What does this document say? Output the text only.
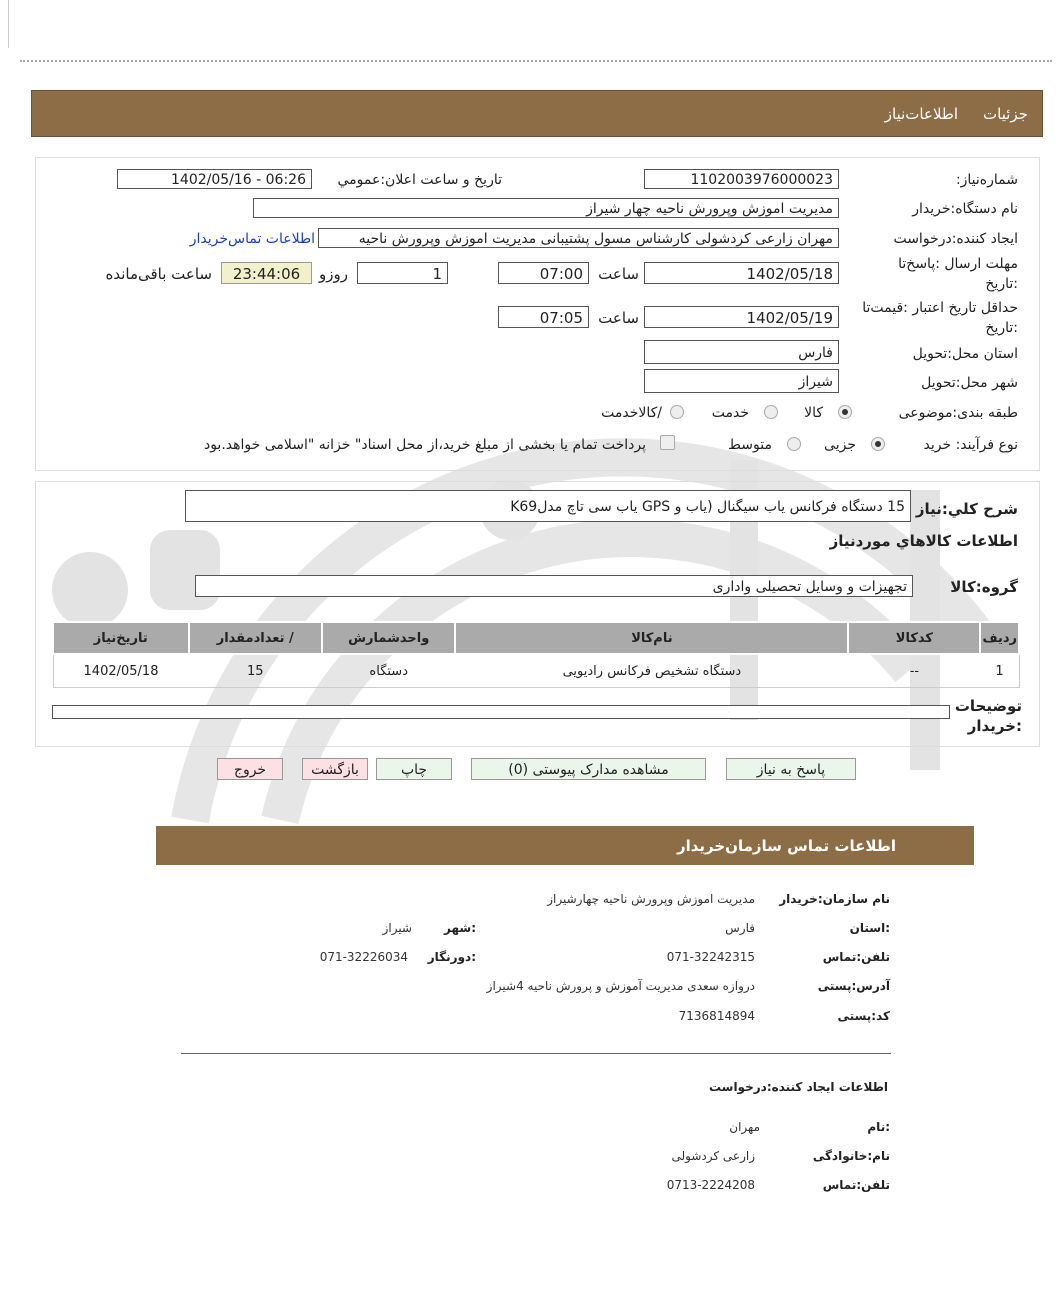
جزئیات
اطلاعات‌نیاز
شماره‌نیاز:
1102003976000023
تاریخ و ساعت اعلان:عمومي
1402/05/16 - 06:26
نام دستگاه:خریدار
مدیریت اموزش وپرورش ناحیه چهار شیراز
ایجاد کننده:درخواست
مهران زارعی کردشولی کارشناس مسول پشتیبانی مدیریت اموزش وپرورش ناحیه
اطلاعات تماس‌خریدار
مهلت ارسال :پاسخ‌تا
:تاریخ
1402/05/18
ساعت
07:00
1
روزو
23:44:06
ساعت باقی‌مانده
حداقل تاریخ اعتبار :قیمت‌تا
:تاریخ
1402/05/19
ساعت
07:05
استان محل:تحویل
فارس
شهر محل:تحویل
شیراز
طبقه بندی:موضوعی
کالا
خدمت
/کالاخدمت
نوع فرآیند: خرید
جزیی
متوسط
پرداخت تمام یا بخشی از مبلغ خرید،از محل اسناد" خزانه "اسلامی خواهد.بود
شرح کلي:نیاز
15 دستگاه فرکانس یاب سیگنال (یاب و GPS یاب سی تاچ مدلK69
اطلاعات کالاهاي موردنیاز
گروه:کالا
تجهیزات و وسایل تحصیلی واداری
ردیف	کدکالا	نام‌کالا	واحدشمارش	/ تعدادمقدار	تاریخ‌نیاز
1	--	دستگاه تشخیص فرکانس رادیویی	دستگاه	15	1402/05/18
توضیحات
:خریدار
پاسخ به نیاز
مشاهده مدارک پیوستی (0)
چاپ
بازگشت
خروج
اطلاعات تماس سازمان‌خریدار
نام سازمان:خریدار
مدیریت اموزش وپرورش ناحیه چهارشیراز
:استان
فارس
:شهر
شیراز
تلفن:تماس
071-32242315
:دورنگار
071-32226034
آدرس:پستی
دروازه سعدی مدیریت آموزش و پرورش ناحیه 4شیراز
کد:پستی
7136814894
اطلاعات ایجاد کننده:درخواست
:نام
مهران
نام:خانوادگی
زارعی کردشولی
تلفن:تماس
0713-2224208
